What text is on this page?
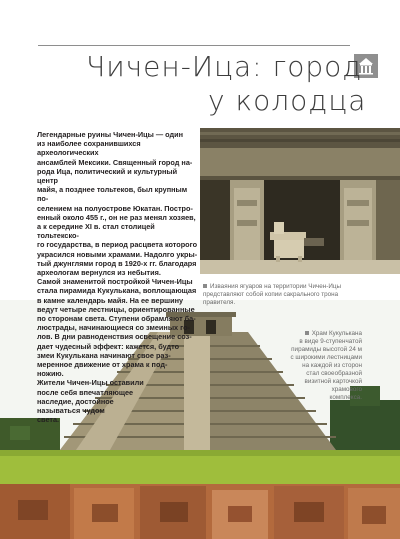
Чичен-Ица: город
у колодца

Легендарные руины Чичен-Ицы — один
из наиболее сохранившихся археологических
ансамблей Мексики. Священный город на-
рода Ица, политический и культурный центр
майя, а позднее тольтеков, был крупным по-
селением на полуострове Юкатан. Постро-
енный около 455 г., он не раз менял хозяев,
а к середине XI в. стал столицей тольтекско-
го государства, в период расцвета которого
украсился новыми храмами. Надолго укры-
тый джунглями город в 1920-х гг. благодаря
археологам вернулся из небытия.

Самой знаменитой постройкой Чичен-Ицы
стала пирамида Кукулькана, воплощающая
в камне календарь майя. На ее вершину
ведут четыре лестницы, ориентированные
по сторонам света. Ступени обрамляют ба-
люстрады, начинающиеся со змеиных го-
лов. В дни равноденствия освещение соз-
дает чудесный эффект: кажется, будто
змеи Кукулькана начинают свое раз-
меренное движение от храма к под-
ножию.

Жители Чичен-Ицы оставили
после себя впечатляющее
наследие, достойное
называться чудом
света.

Изваяния ягуаров на территории Чичен-Ицы
представляют собой копии сакрального трона
правителя.
Храм Кукулькана
в виде 9-ступенчатой
пирамиды высотой 24 м
с широкими лестницами
на каждой из сторон
стал своеобразной
визитной карточкой
храмового
комплекса.
